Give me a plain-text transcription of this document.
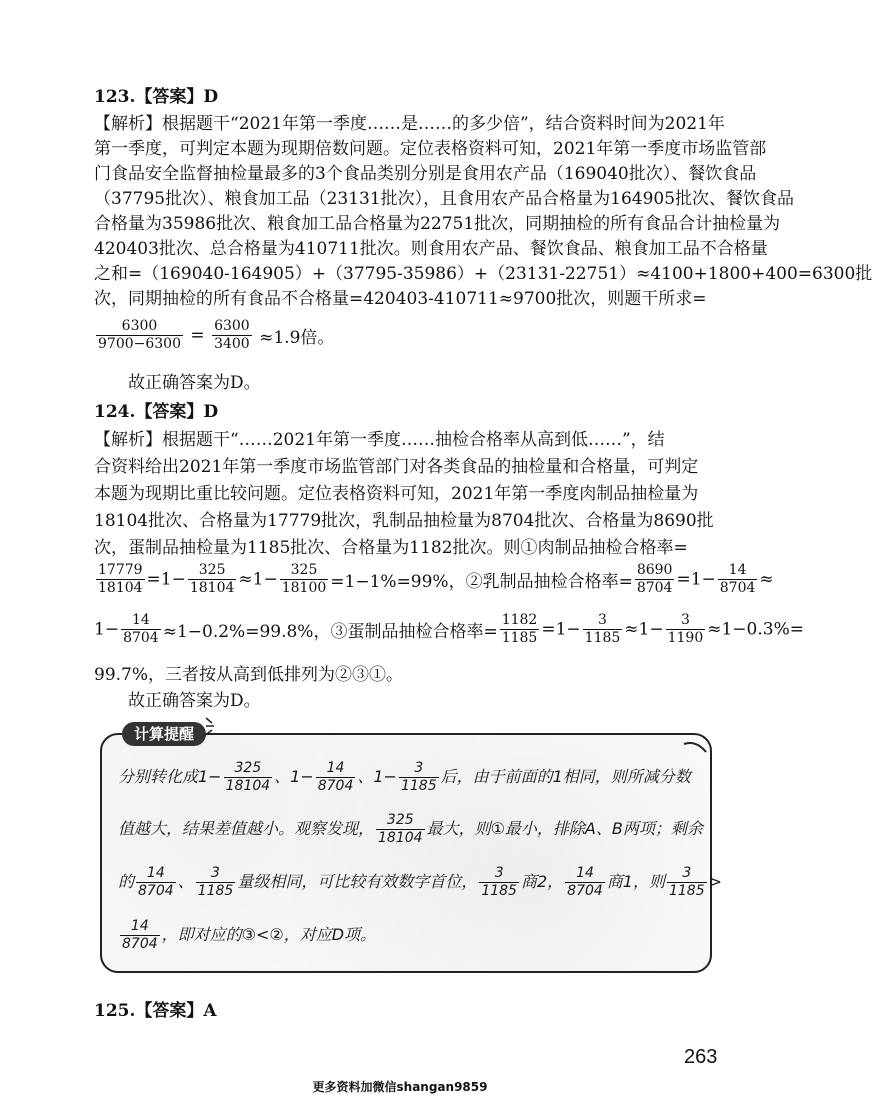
123.【答案】D
【解析】根据题干“2021年第一季度……是……的多少倍”，结合资料时间为2021年
第一季度，可判定本题为现期倍数问题。定位表格资料可知，2021年第一季度市场监管部
门食品安全监督抽检量最多的3个食品类别分别是食用农产品（169040批次）、餐饮食品
（37795批次）、粮食加工品（23131批次），且食用农产品合格量为164905批次、餐饮食品
合格量为35986批次、粮食加工品合格量为22751批次，同期抽检的所有食品合计抽检量为
420403批次、总合格量为410711批次。则食用农产品、餐饮食品、粮食加工品不合格量
之和=（169040-164905）+（37795-35986）+（23131-22751）≈4100+1800+400=6300批
次，同期抽检的所有食品不合格量=420403-410711≈9700批次，则题干所求=
$\frac{6300}{9700-6300} = \frac{6300}{3400} \approx 1.9$倍。
故正确答案为D。
124.【答案】D
【解析】根据题干“……2021年第一季度……抽检合格率从高到低……”，结
合资料给出2021年第一季度市场监管部门对各类食品的抽检量和合格量，可判定
本题为现期比重比较问题。定位表格资料可知，2021年第一季度肉制品抽检量为
18104批次、合格量为17779批次，乳制品抽检量为8704批次、合格量为8690批
次，蛋制品抽检量为1185批次、合格量为1182批次。则①肉制品抽检合格率=
$\frac{17779}{18104} =1- \frac{325}{18104} \approx 1- \frac{325}{18100} =1-1\%=99\%$，②乳制品抽检合格率= $\frac{8690}{8704} =1- \frac{14}{8704}$ ≈
$1- \frac{14}{8704} \approx 1-0.2\%=99.8\%$，③蛋制品抽检合格率= $\frac{1182}{1185} =1- \frac{3}{1185} \approx 1- \frac{3}{1190} \approx 1-0.3\%=$
99.7%，三者按从高到低排列为②③①。
故正确答案为D。
计算提醒
分别转化成$1- \frac{325}{18104}$ 、$1- \frac{14}{8704}$ 、$1- \frac{3}{1185}$ 后，由于前面的1相同，则所减分数
值越大，结果差值越小。观察发现， $\frac{325}{18104}$ 最大，则①最小，排除A、B两项；剩余
的 $\frac{14}{8704}$ 、 $\frac{3}{1185}$ 量级相同，可比较有效数字首位， $\frac{3}{1185}$ 商2， $\frac{14}{8704}$ 商1，则 $\frac{3}{1185}$ >
$\frac{14}{8704}$ ，即对应的③<②，对应D项。
125.【答案】A
263
更多资料加微信shangan9859
